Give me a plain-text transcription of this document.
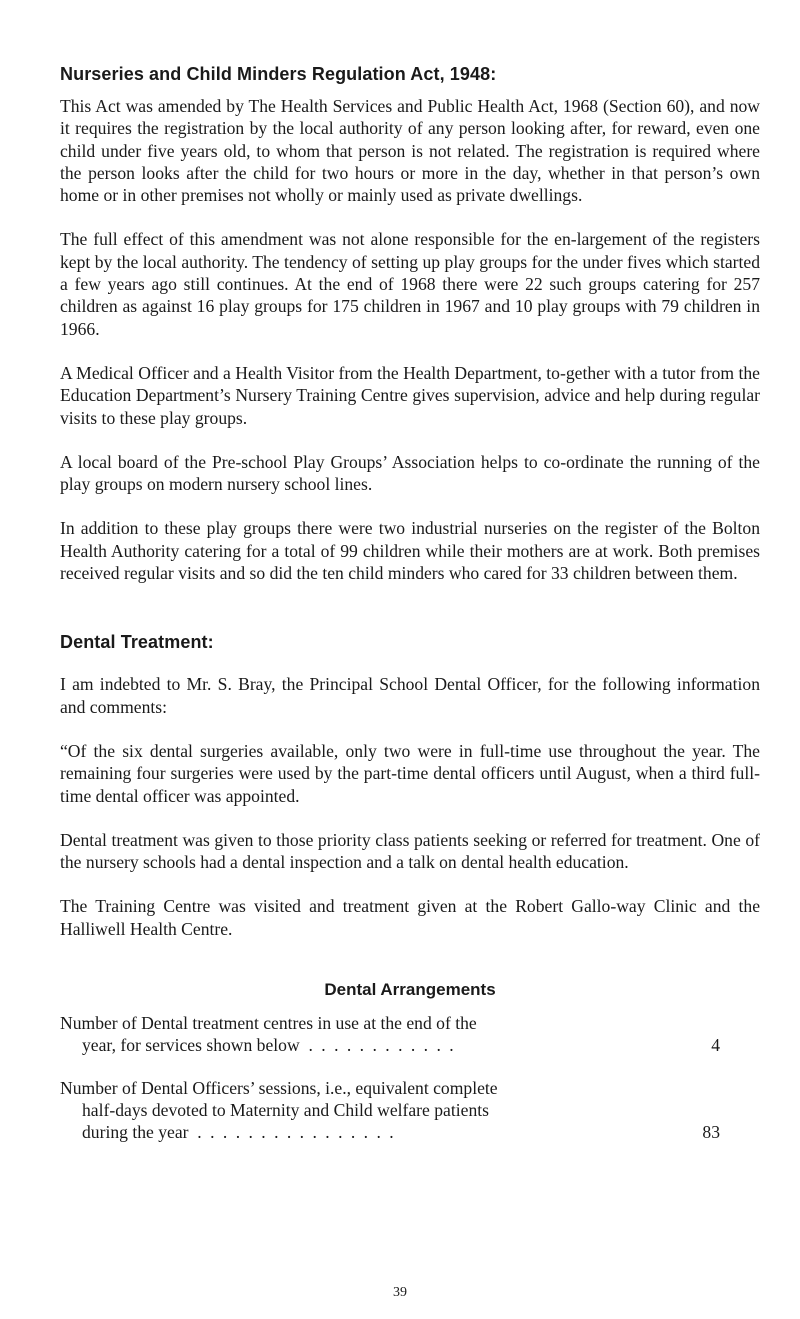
Nurseries and Child Minders Regulation Act, 1948:

This Act was amended by The Health Services and Public Health Act, 1968 (Section 60), and now it requires the registration by the local authority of any person looking after, for reward, even one child under five years old, to whom that person is not related. The registration is required where the person looks after the child for two hours or more in the day, whether in that person’s own home or in other premises not wholly or mainly used as private dwellings.

The full effect of this amendment was not alone responsible for the en-largement of the registers kept by the local authority. The tendency of setting up play groups for the under fives which started a few years ago still continues. At the end of 1968 there were 22 such groups catering for 257 children as against 16 play groups for 175 children in 1967 and 10 play groups with 79 children in 1966.

A Medical Officer and a Health Visitor from the Health Department, to-gether with a tutor from the Education Department’s Nursery Training Centre gives supervision, advice and help during regular visits to these play groups.

A local board of the Pre-school Play Groups’ Association helps to co-ordinate the running of the play groups on modern nursery school lines.

In addition to these play groups there were two industrial nurseries on the register of the Bolton Health Authority catering for a total of 99 children while their mothers are at work. Both premises received regular visits and so did the ten child minders who cared for 33 children between them.

Dental Treatment:

I am indebted to Mr. S. Bray, the Principal School Dental Officer, for the following information and comments:

“Of the six dental surgeries available, only two were in full-time use throughout the year. The remaining four surgeries were used by the part-time dental officers until August, when a third full-time dental officer was appointed.

Dental treatment was given to those priority class patients seeking or referred for treatment. One of the nursery schools had a dental inspection and a talk on dental health education.

The Training Centre was visited and treatment given at the Robert Gallo-way Clinic and the Halliwell Health Centre.

Dental Arrangements
Number of Dental treatment centres in use at the end of the
year, for services shown below . . . . . . . . . . . .	4
Number of Dental Officers’ sessions, i.e., equivalent complete
half-days devoted to Maternity and Child welfare patients
during the year . . . . . . . . . . . . . . . .	83
39
